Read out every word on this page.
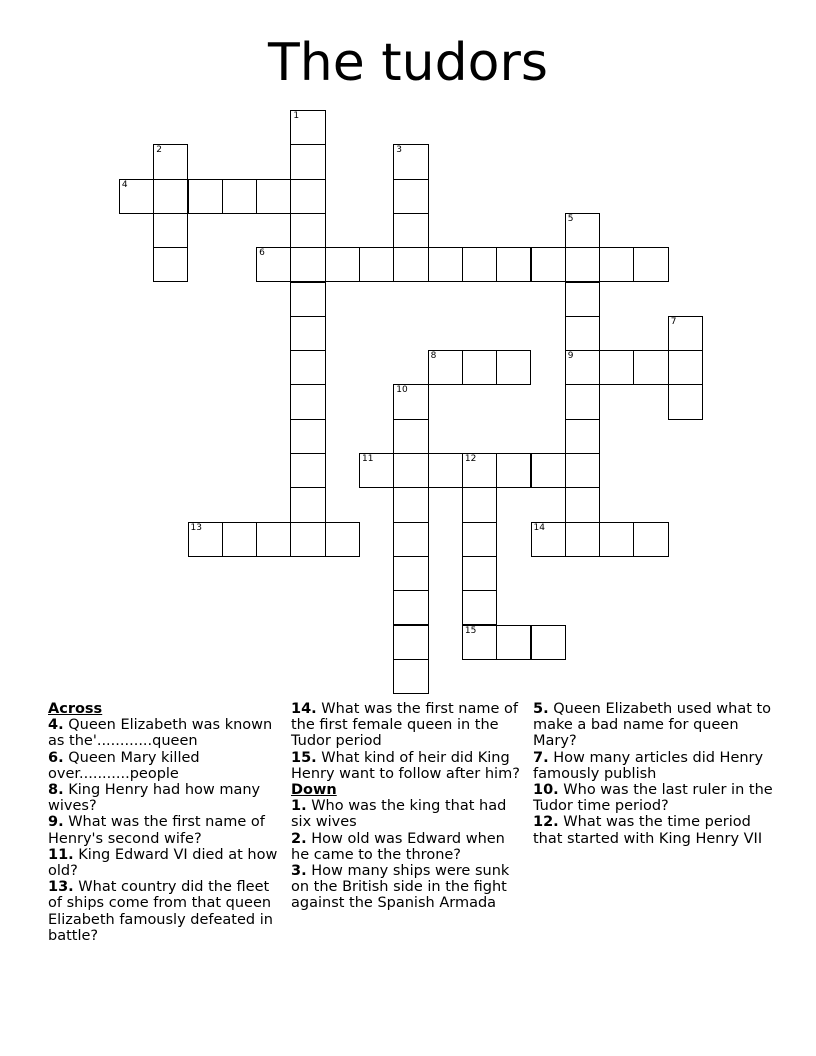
The tudors
1
2	3
4
5
6
7
8	9
10
11	12
13	14
15
Across
4. Queen Elizabeth was known as the'............queen
6. Queen Mary killed over...........people
8. King Henry had how many wives?
9. What was the first name of Henry's second wife?
11. King Edward VI died at how old?
13. What country did the fleet of ships come from that queen Elizabeth famously defeated in battle?
14. What was the first name of the first female queen in the Tudor period
15. What kind of heir did King Henry want to follow after him?
Down
1. Who was the king that had six wives
2. How old was Edward when he came to the throne?
3. How many ships were sunk on the British side in the fight against the Spanish Armada
5. Queen Elizabeth used what to make a bad name for queen Mary?
7. How many articles did Henry famously publish
10. Who was the last ruler in the Tudor time period?
12. What was the time period that started with King Henry VII
